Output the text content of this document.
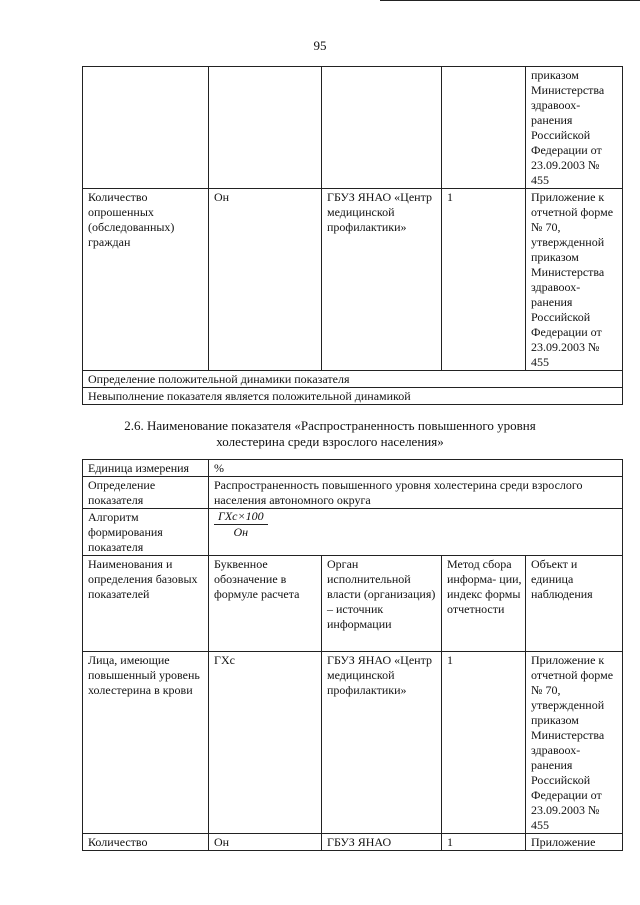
95
				приказом Министерства здравоох- ранения Российской Федерации от 23.09.2003 № 455
Количество опрошенных (обследованных) граждан	Он	ГБУЗ ЯНАО «Центр медицинской профилактики»	1	Приложение к отчетной форме № 70, утвержденной приказом Министерства здравоох- ранения Российской Федерации от 23.09.2003 № 455
Определение положительной динамики показателя				
Невыполнение показателя является положительной динамикой				
2.6. Наименование показателя «Распространенность повышенного уровня
холестерина среди взрослого населения»
Единица измерения	%			
Определение показателя	Распространенность повышенного уровня холестерина среди взрослого населения автономного округа			
Алгоритм формирования показателя	$\frac{\text{ГХс×100}}{Он}$

Наименования и определения базовых показателей	Буквенное обозначение в формуле расчета	Орган исполнительной власти (организация) – источник информации	Метод сбора информа- ции, индекс формы отчетности	Объект и единица наблюдения
Лица, имеющие повышенный уровень холестерина в крови	ГХс	ГБУЗ ЯНАО «Центр медицинской профилактики»	1	Приложение к отчетной форме № 70, утвержденной приказом Министерства здравоох- ранения Российской Федерации от 23.09.2003 № 455
Количество	Он	ГБУЗ ЯНАО	1	Приложение
